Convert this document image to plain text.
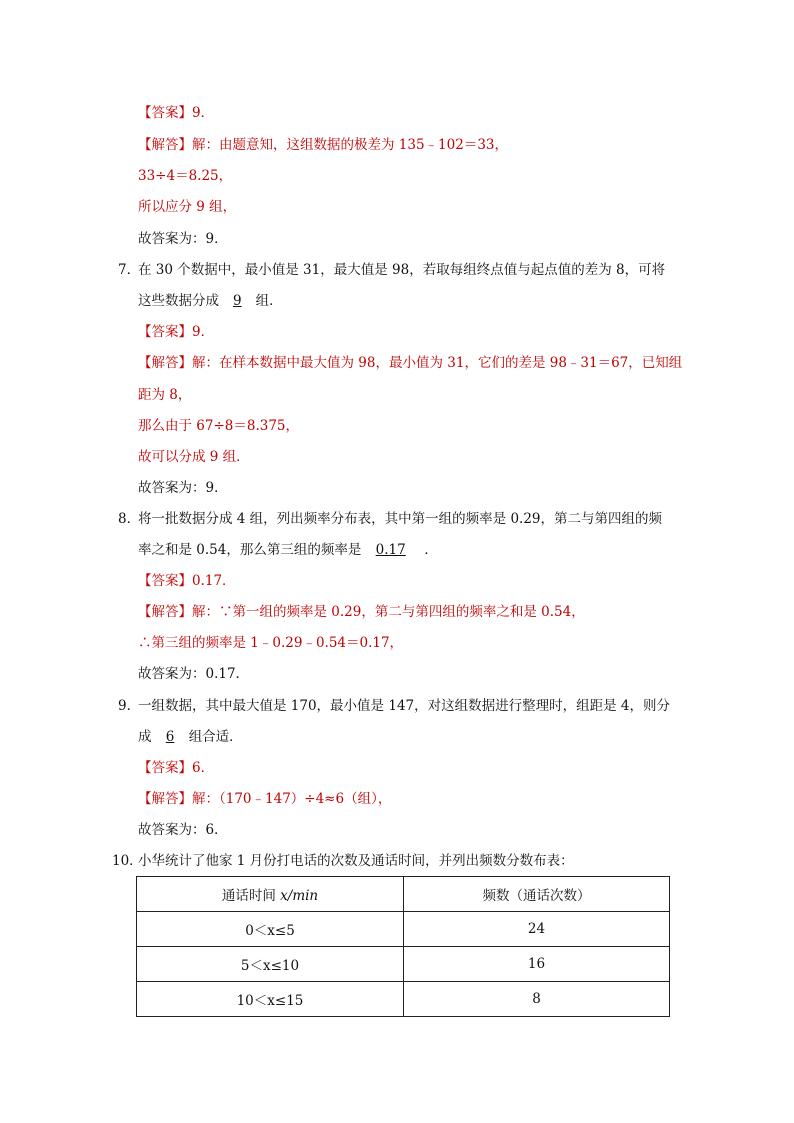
【答案】9．
【解答】解：由题意知，这组数据的极差为 135﹣102＝33，
33÷4＝8.25，
所以应分 9 组，
故答案为：9．
7．
在 30 个数据中，最小值是 31，最大值是 98，若取每组终点值与起点值的差为 8，可将
这些数据分成 9 组．
【答案】9．
【解答】解：在样本数据中最大值为 98，最小值为 31，它们的差是 98﹣31＝67，已知组
距为 8，
那么由于 67÷8＝8.375，
故可以分成 9 组．
故答案为：9．
8．
将一批数据分成 4 组，列出频率分布表，其中第一组的频率是 0.29，第二与第四组的频
率之和是 0.54，那么第三组的频率是 0.17 ．
【答案】0.17．
【解答】解：∵第一组的频率是 0.29，第二与第四组的频率之和是 0.54，
∴第三组的频率是 1﹣0.29﹣0.54＝0.17，
故答案为：0.17．
9．
一组数据，其中最大值是 170，最小值是 147，对这组数据进行整理时，组距是 4，则分
成 6 组合适．
【答案】6．
【解答】解：（170﹣147）÷4≈6（组），
故答案为：6．
10．
小华统计了他家 1 月份打电话的次数及通话时间，并列出频数分数布表：
通话时间 x/min	频数（通话次数）
0＜x≤5	24
5＜x≤10	16
10＜x≤15	8
